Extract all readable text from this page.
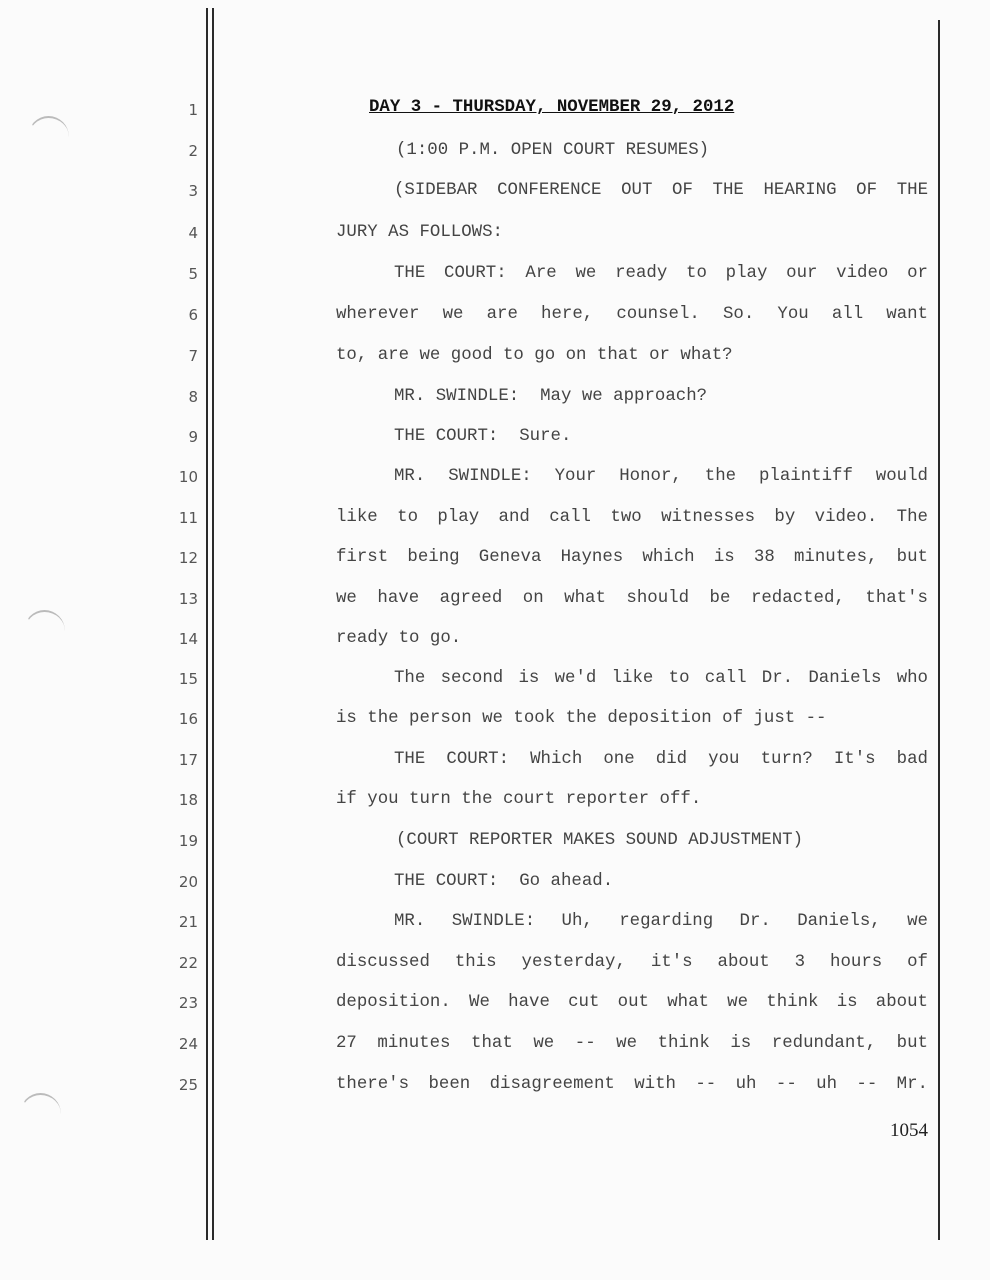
DAY 3 - THURSDAY, NOVEMBER 29, 2012
1
2
3
4
5
6
7
8
9
10
11
12
13
14
15
16
17
18
19
20
21
22
23
24
25
(1:00 P.M. OPEN COURT RESUMES)
(SIDEBAR CONFERENCE OUT OF THE HEARING OF THE
JURY AS FOLLOWS:
THE COURT: Are we ready to play our video or
wherever we are here, counsel. So. You all want
to, are we good to go on that or what?
MR. SWINDLE:  May we approach?
THE COURT:  Sure.
MR. SWINDLE: Your Honor, the plaintiff would
like to play and call two witnesses by video. The
first being Geneva Haynes which is 38 minutes, but
we have agreed on what should be redacted, that's
ready to go.
The second is we'd like to call Dr. Daniels who
is the person we took the deposition of just --
THE COURT: Which one did you turn? It's bad
if you turn the court reporter off.
(COURT REPORTER MAKES SOUND ADJUSTMENT)
THE COURT:  Go ahead.
MR. SWINDLE: Uh, regarding Dr. Daniels, we
discussed this yesterday, it's about 3 hours of
deposition. We have cut out what we think is about
27 minutes that we -- we think is redundant, but
there's been disagreement with -- uh -- uh -- Mr.
1054
